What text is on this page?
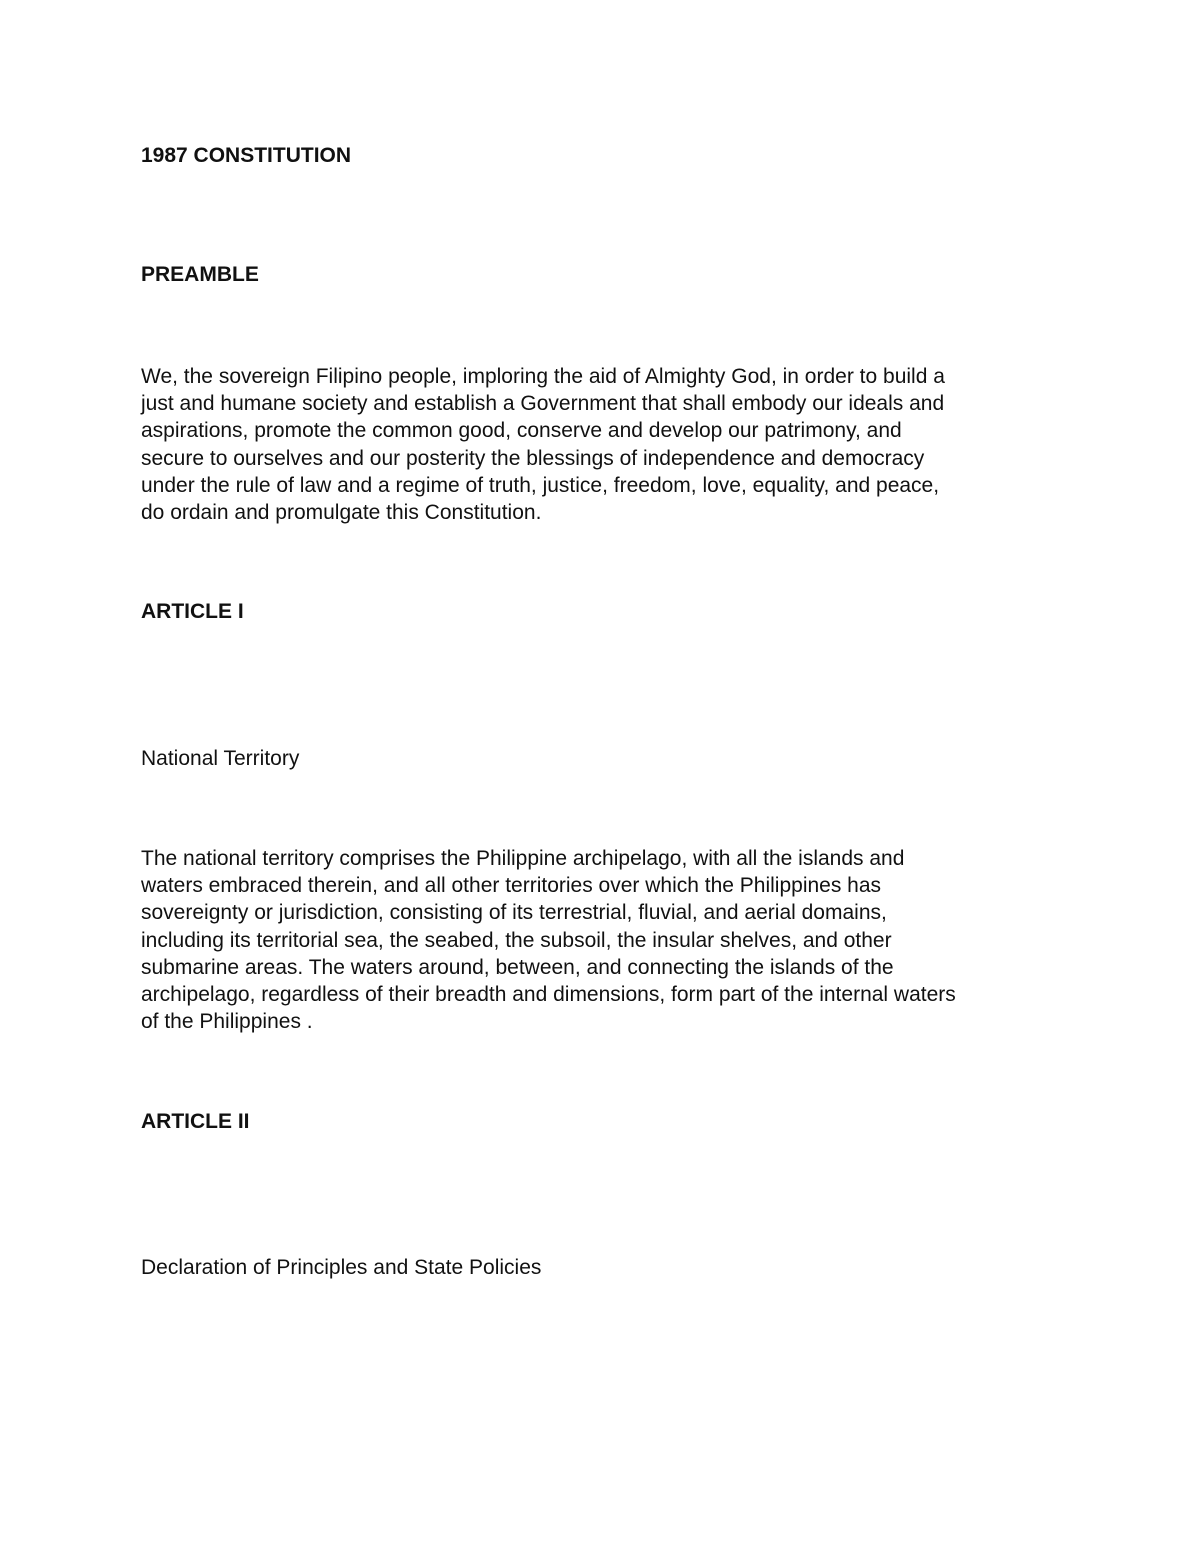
1987 CONSTITUTION
PREAMBLE
We, the sovereign Filipino people, imploring the aid of Almighty God, in order to build a
just and humane society and establish a Government that shall embody our ideals and
aspirations, promote the common good, conserve and develop our patrimony, and
secure to ourselves and our posterity the blessings of independence and democracy
under the rule of law and a regime of truth, justice, freedom, love, equality, and peace,
do ordain and promulgate this Constitution.
ARTICLE I
National Territory
The national territory comprises the Philippine archipelago, with all the islands and
waters embraced therein, and all other territories over which the Philippines has
sovereignty or jurisdiction, consisting of its terrestrial, fluvial, and aerial domains,
including its territorial sea, the seabed, the subsoil, the insular shelves, and other
submarine areas. The waters around, between, and connecting the islands of the
archipelago, regardless of their breadth and dimensions, form part of the internal waters
of the Philippines .
ARTICLE II
Declaration of Principles and State Policies
